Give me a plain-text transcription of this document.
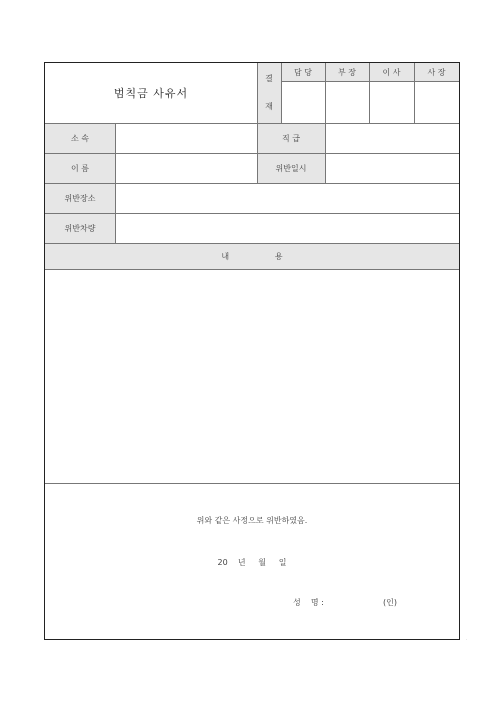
범칙금 사유서
결
재
담 당	부 장	이 사	사 장
소 속	직 급
이 름	위반일시
위반장소
위반차량
내                  용
위와 같은 사정으로 위반하였음.
20    년     월     일
성    명 :	(인)
.
